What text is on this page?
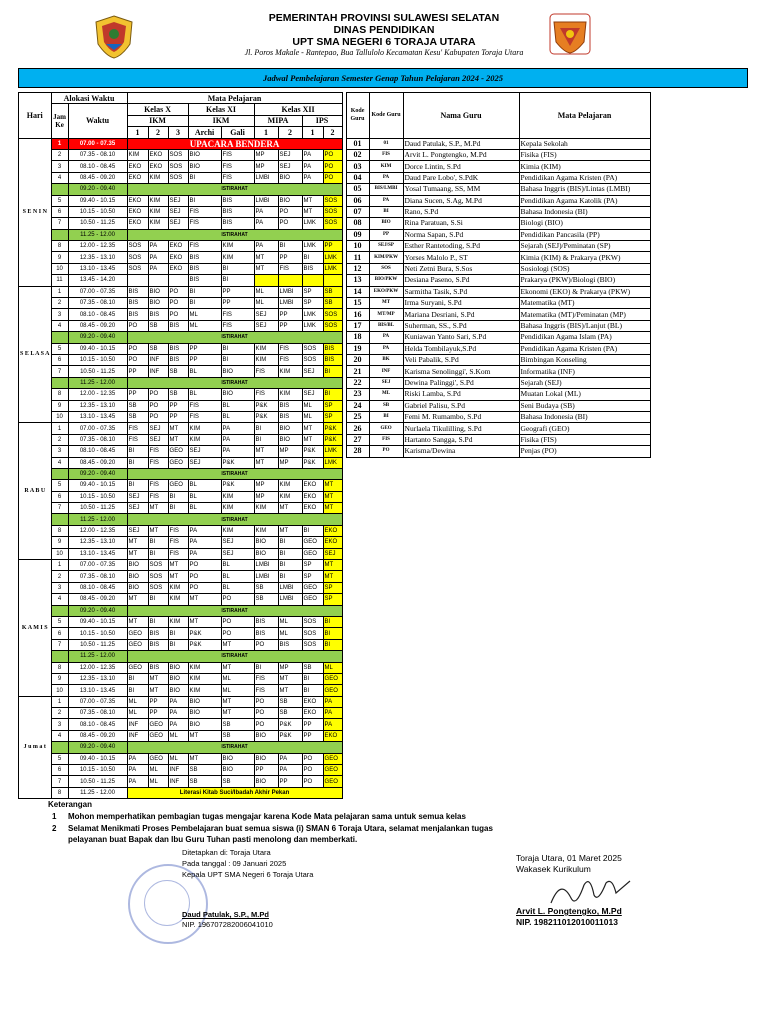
PEMERINTAH PROVINSI SULAWESI SELATAN
DINAS PENDIDIKAN
UPT SMA NEGERI 6 TORAJA UTARA
Jl. Poros Makale - Rantepao, Bua Tallulolo Kecamatan Kesu' Kabupaten Toraja Utara
Jadwal Pembelajaran Semester Genap Tahun Pelajaran 2024 - 2025
Hari	Alokasi Waktu		Mata Pelajaran										Kode Guru	Kode Guru	Nama Guru	Mata Pelajaran
	Jam Ke	Waktu	Kelas X			Kelas XI		Kelas XII								
			IKM			IKM		MIPA		IPS						
			1	2	3	Archi	Gali	1	2	1	2					
S E N I N	1	07.00 - 07.35	UPACARA BENDERA										01	01	Daud Patulak, S.P., M.Pd	Kepala Sekolah
	2	07.35 - 08.10	KIM	EKO	SOS	BIO	FIS	MP	SEJ	PA	PO		02	FIS	Arvit L. Pongtengko, M.Pd	Fisika (FIS)
	3	08.10 - 08.45	EKO	EKO	SOS	BIO	FIS	MP	SEJ	PA	PO		03	KIM	Dorce Lintin, S.Pd	Kimia (KIM)
	4	08.45 - 09.20	EKO	KIM	SOS	BI	FIS	LMBI	BIO	PA	PO		04	PA	Daud Pare Lobo', S.PdK	Pendidikan Agama Kristen (PA)
		09.20 - 09.40	ISTIRAHAT										05	BIS/LMBI	Yosal Tumaang, SS, MM	Bahasa Inggris (BIS)/Lintas (LMBI)
	5	09.40 - 10.15	EKO	KIM	SEJ	BI	BIS	LMBI	BIO	MT	SOS		06	PA	Diana Sucen, S.Ag, M.Pd	Pendidikan Agama Katolik (PA)
	6	10.15 - 10.50	EKO	KIM	SEJ	FIS	BIS	PA	PO	MT	SOS		07	BI	Rano, S.Pd	Bahasa Indonesia (BI)
	7	10.50 - 11.25	EKO	KIM	SEJ	FIS	BIS	PA	PO	LMK	SOS		08	BIO	Rina Paratuan, S.Si	Biologi (BIO)
		11.25 - 12.00	ISTIRAHAT										09	PP	Norma Sapan, S.Pd	Pendidikan Pancasila (PP)
	8	12.00 - 12.35	SOS	PA	EKO	FIS	KIM	PA	BI	LMK	PP		10	SEJ/SP	Esther Rantetoding, S.Pd	Sejarah (SEJ)/Peminatan (SP)
	9	12.35 - 13.10	SOS	PA	EKO	BIS	KIM	MT	PP	BI	LMK		11	KIM/PKW	Yorses Malolo P., ST	Kimia (KIM) & Prakarya (PKW)
	10	13.10 - 13.45	SOS	PA	EKO	BIS	BI	MT	FIS	BIS	LMK		12	SOS	Neti Zetni Bura, S.Sos	Sosiologi (SOS)
	11	13.45 - 14.20				BIS	BI						13	BIO/PKW	Desiana Paseno, S.Pd	Prakarya (PKW)/Biologi (BIO)
S E L A S A	1	07.00 - 07.35	BIS	BIO	PO	BI	PP	ML	LMBI	SP	SB		14	EKO/PKW	Sarmitha Tasik, S.Pd	Ekonomi (EKO) & Prakarya (PKW)
	2	07.35 - 08.10	BIS	BIO	PO	BI	PP	ML	LMBI	SP	SB		15	MT	Irma Suryani, S.Pd	Matematika (MT)
	3	08.10 - 08.45	BIS	BIS	PO	ML	FIS	SEJ	PP	LMK	SOS		16	MT/MP	Mariana Desriani, S.Pd	Matematika (MT)/Peminatan (MP)
	4	08.45 - 09.20	PO	SB	BIS	ML	FIS	SEJ	PP	LMK	SOS		17	BIS/BL	Suherman, SS., S.Pd	Bahasa Inggris (BIS)/Lanjut (BL)
		09.20 - 09.40	ISTIRAHAT										18	PA	Kuniawan Yanto Sari, S.Pd	Pendidikan Agama Islam (PA)
	5	09.40 - 10.15	PO	SB	BIS	PP	BI	KIM	FIS	SOS	BIS		19	PA	Helda Tombilayuk,S.Pd	Pendidikan Agama Kristen (PA)
	6	10.15 - 10.50	PO	INF	BIS	PP	BI	KIM	FIS	SOS	BIS		20	BK	Veli Pabalik, S.Pd	Bimbingan Konseling
	7	10.50 - 11.25	PP	INF	SB	BL	BIO	FIS	KIM	SEJ	BI		21	INF	Karisma Senolinggi', S.Kom	Informatika (INF)
		11.25 - 12.00	ISTIRAHAT										22	SEJ	Dewina Palinggi', S.Pd	Sejarah (SEJ)
	8	12.00 - 12.35	PP	PO	SB	BL	BIO	FIS	KIM	SEJ	BI		23	ML	Riski Lamba, S.Pd	Muatan Lokal (ML)
	9	12.35 - 13.10	SB	PO	PP	FIS	BL	P&K	BIS	ML	SP		24	SB	Gabriel Palisu, S.Pd	Seni Budaya (SB)
	10	13.10 - 13.45	SB	PO	PP	FIS	BL	P&K	BIS	ML	SP		25	BI	Femi M. Rumambo, S.Pd	Bahasa Indonesia (BI)
R A B U	1	07.00 - 07.35	FIS	SEJ	MT	KIM	PA	BI	BIO	MT	P&K		26	GEO	Nurlaela Tikulilling, S.Pd	Geografi (GEO)
	2	07.35 - 08.10	FIS	SEJ	MT	KIM	PA	BI	BIO	MT	P&K		27	FIS	Hartanto Sangga, S.Pd	Fisika (FIS)
	3	08.10 - 08.45	BI	FIS	GEO	SEJ	PA	MT	MP	P&K	LMK		28	PO	Karisma/Dewina	Penjas (PO)
	4	08.45 - 09.20	BI	FIS	GEO	SEJ	P&K	MT	MP	P&K	LMK					
		09.20 - 09.40	ISTIRAHAT													
	5	09.40 - 10.15	BI	FIS	GEO	BL	P&K	MP	KIM	EKO	MT					
	6	10.15 - 10.50	SEJ	FIS	BI	BL	KIM	MP	KIM	EKO	MT					
	7	10.50 - 11.25	SEJ	MT	BI	BL	KIM	KIM	MT	EKO	MT					
		11.25 - 12.00	ISTIRAHAT													
	8	12.00 - 12.35	SEJ	MT	FIS	PA	KIM	KIM	MT	BI	EKO					
	9	12.35 - 13.10	MT	BI	FIS	PA	SEJ	BIO	BI	GEO	EKO					
	10	13.10 - 13.45	MT	BI	FIS	PA	SEJ	BIO	BI	GEO	SEJ					
K A M I S	1	07.00 - 07.35	BIO	SOS	MT	PO	BL	LMBI	BI	SP	MT					
	2	07.35 - 08.10	BIO	SOS	MT	PO	BL	LMBI	BI	SP	MT					
	3	08.10 - 08.45	BIO	SOS	KIM	PO	BL	SB	LMBI	GEO	SP					
	4	08.45 - 09.20	MT	BI	KIM	MT	PO	SB	LMBI	GEO	SP					
		09.20 - 09.40	ISTIRAHAT													
	5	09.40 - 10.15	MT	BI	KIM	MT	PO	BIS	ML	SOS	BI					
	6	10.15 - 10.50	GEO	BIS	BI	P&K	PO	BIS	ML	SOS	BI					
	7	10.50 - 11.25	GEO	BIS	BI	P&K	MT	PO	BIS	SOS	BI					
		11.25 - 12.00	ISTIRAHAT													
	8	12.00 - 12.35	GEO	BIS	BIO	KIM	MT	BI	MP	SB	ML					
	9	12.35 - 13.10	BI	MT	BIO	KIM	ML	FIS	MT	BI	GEO					
	10	13.10 - 13.45	BI	MT	BIO	KIM	ML	FIS	MT	BI	GEO					
J u m a t	1	07.00 - 07.35	ML	PP	PA	BIO	MT	PO	SB	EKO	PA					
	2	07.35 - 08.10	ML	PP	PA	BIO	MT	PO	SB	EKO	PA					
	3	08.10 - 08.45	INF	GEO	PA	BIO	SB	PO	P&K	PP	PA					
	4	08.45 - 09.20	INF	GEO	ML	MT	SB	BIO	P&K	PP	EKO					
		09.20 - 09.40	ISTIRAHAT													
	5	09.40 - 10.15	PA	GEO	ML	MT	BIO	BIO	PA	PO	GEO					
	6	10.15 - 10.50	PA	ML	INF	SB	BIO	PP	PA	PO	GEO					
	7	10.50 - 11.25	PA	ML	INF	SB	SB	BIO	PP	PO	GEO					
	8	11.25 - 12.00	Literasi Kitab Suci/Ibadah Akhir Pekan													
Keterangan
1 Mohon memperhatikan pembagian tugas mengajar karena Kode Mata pelajaran sama untuk semua kelas
2 Selamat Menikmati Proses Pembelajaran buat semua siswa (i) SMAN 6 Toraja Utara, selamat menjalankan tugas
pelayanan buat Bapak dan Ibu Guru Tuhan pasti menolong dan memberkati.
Ditetapkan di: Toraja Utara
Pada tanggal : 09 Januari 2025
Kepala UPT SMA Negeri 6 Toraja Utara
Daud Patulak, S.P., M.Pd
NIP. 196707282006041010
Toraja Utara, 01 Maret 2025
Wakasek Kurikulum
Arvit L. Pongtengko, M.Pd
NIP. 198211012010011013
